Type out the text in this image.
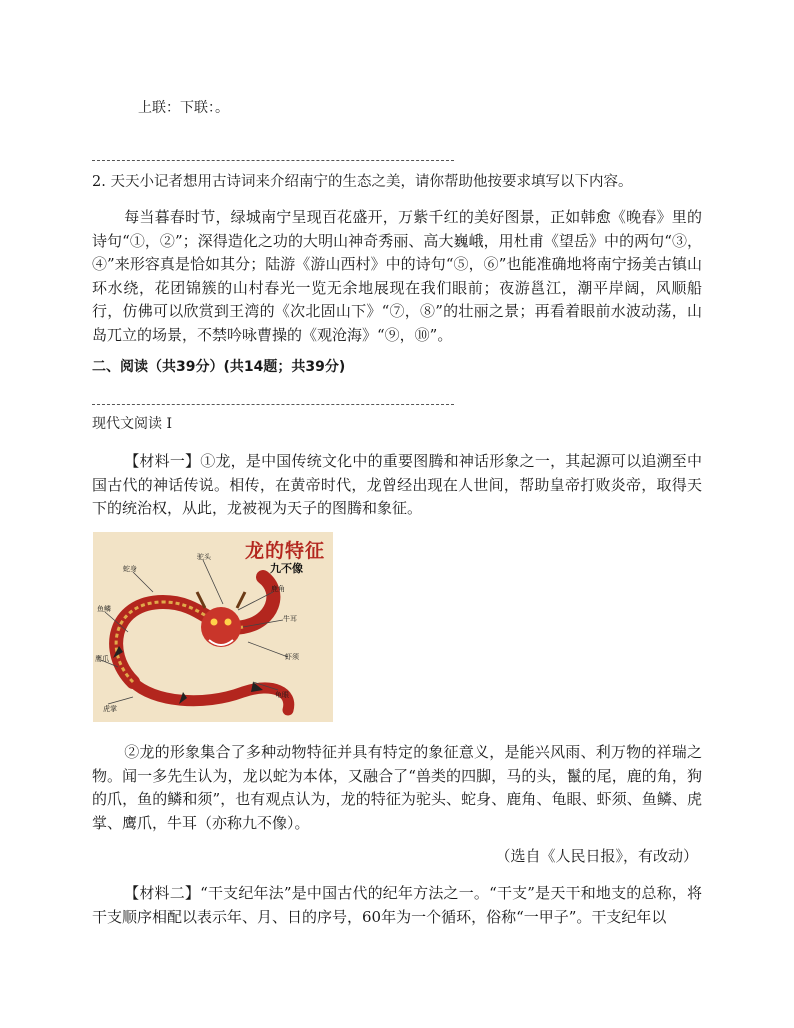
上联：下联：。
2. 天天小记者想用古诗词来介绍南宁的生态之美，请你帮助他按要求填写以下内容。
每当暮春时节，绿城南宁呈现百花盛开，万紫千红的美好图景，正如韩愈《晚春》里的诗句“①，②”；深得造化之功的大明山神奇秀丽、高大巍峨，用杜甫《望岳》中的两句“③，④”来形容真是恰如其分；陆游《游山西村》中的诗句“⑤，⑥”也能准确地将南宁扬美古镇山环水绕，花团锦簇的山村春光一览无余地展现在我们眼前；夜游邕江，潮平岸阔，风顺船行，仿佛可以欣赏到王湾的《次北固山下》“⑦，⑧”的壮丽之景；再看着眼前水波动荡，山岛兀立的场景，不禁吟咏曹操的《观沧海》“⑨，⑩”。
二、阅读（共39分）(共14题；共39分)
现代文阅读 I
【材料一】①龙，是中国传统文化中的重要图腾和神话形象之一，其起源可以追溯至中国古代的神话传说。相传，在黄帝时代，龙曾经出现在人世间，帮助皇帝打败炎帝，取得天下的统治权，从此，龙被视为天子的图腾和象征。
龙的特征
九不像
蛇身
驼头
鹿角
牛耳
虾须
鱼鳞
鹰爪
虎掌
龟眼
②龙的形象集合了多种动物特征并具有特定的象征意义，是能兴风雨、利万物的祥瑞之物。闻一多先生认为，龙以蛇为本体，又融合了“兽类的四脚，马的头，鬣的尾，鹿的角，狗的爪，鱼的鳞和须”，也有观点认为，龙的特征为驼头、蛇身、鹿角、龟眼、虾须、鱼鳞、虎掌、鹰爪，牛耳（亦称九不像）。
（选自《人民日报》，有改动）
【材料二】“干支纪年法”是中国古代的纪年方法之一。“干支”是天干和地支的总称，将干支顺序相配以表示年、月、日的序号，60年为一个循环，俗称“一甲子”。干支纪年以
